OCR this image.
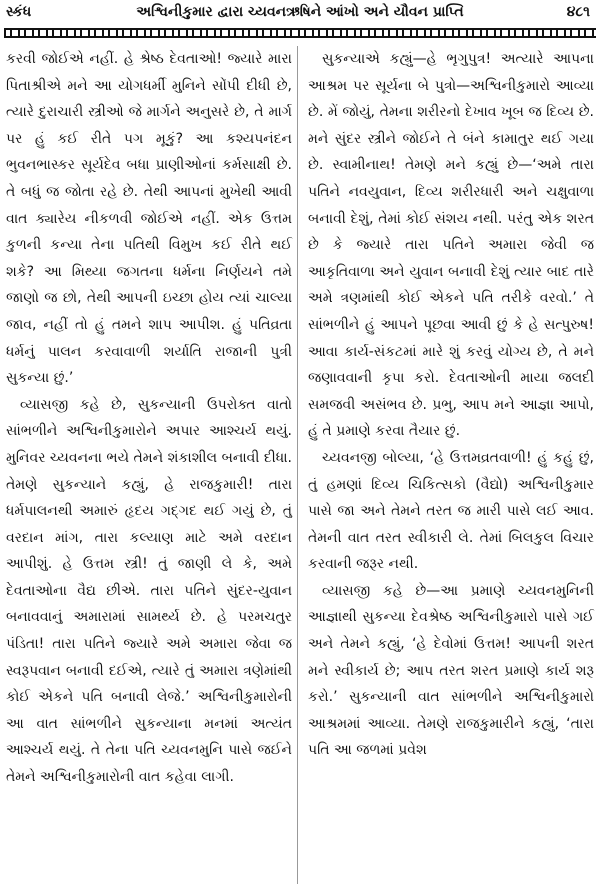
સ્કંધ	અશ્વિનીકુમાર દ્વારા ચ્યવનઋષિને આંખો અને યૌવન પ્રાપ્તિ	૪૮૧

કરવી જોઈએ નહીં. હે શ્રેષ્ઠ દેવતાઓ! જ્યારે મારા પિતાશ્રીએ મને આ યોગધર્મી મુનિને સોંપી દીધી છે, ત્યારે દુરાચારી સ્ત્રીઓ જે માર્ગને અનુસરે છે, તે માર્ગ પર હું કઈ રીતે પગ મૂકું? આ કશ્યપનંદન ભુવનભાસ્કર સૂર્યદેવ બધા પ્રાણીઓનાં કર્મસાક્ષી છે. તે બધું જ જોતા રહે છે. તેથી આપનાં મુખેથી આવી વાત ક્યારેય નીકળવી જોઈએ નહીં. એક ઉત્તમ કુળની કન્યા તેના પતિથી વિમુખ કઈ રીતે થઈ શકે? આ મિથ્યા જગતના ધર્મના નિર્ણયને તમે જાણો જ છો, તેથી આપની ઇચ્છા હોય ત્યાં ચાલ્યા જાવ, નહીં તો હું તમને શાપ આપીશ. હું પતિવ્રતા ધર્મનું પાલન કરવાવાળી શર્યાતિ રાજાની પુત્રી સુકન્યા છું.’

વ્યાસજી કહે છે, સુકન્યાની ઉપરોક્ત વાતો સાંભળીને અશ્વિનીકુમારોને અપાર આશ્ચર્ય થયું. મુનિવર ચ્યવનના ભયે તેમને શંકાશીલ બનાવી દીધા. તેમણે સુકન્યાને કહ્યું, હે રાજકુમારી! તારા ધર્મપાલનથી અમારું હૃદય ગદ્ગદ થઈ ગયું છે, તું વરદાન માંગ, તારા કલ્યાણ માટે અમે વરદાન આપીશું. હે ઉત્તમ સ્ત્રી! તું જાણી લે કે, અમે દેવતાઓના વૈદ્ય છીએ. તારા પતિને સુંદર-યુવાન બનાવવાનું અમારામાં સામર્થ્ય છે. હે પરમચતુર પંડિતા! તારા પતિને જ્યારે અમે અમારા જેવા જ સ્વરૂપવાન બનાવી દઈએ, ત્યારે તું અમારા ત્રણેમાંથી કોઈ એકને પતિ બનાવી લેજે.’ અશ્વિનીકુમારોની આ વાત સાંભળીને સુકન્યાના મનમાં અત્યંત આશ્ચર્ય થયું. તે તેના પતિ ચ્યવનમુનિ પાસે જઈને તેમને અશ્વિનીકુમારોની વાત કહેવા લાગી.

સુકન્યાએ કહ્યું—હે ભૃગુપુત્ર! અત્યારે આપના આશ્રમ પર સૂર્યના બે પુત્રો—અશ્વિનીકુમારો આવ્યા છે. મેં જોયું, તેમના શરીરનો દેખાવ ખૂબ જ દિવ્ય છે. મને સુંદર સ્ત્રીને જોઈને તે બંને કામાતુર થઈ ગયા છે. સ્વામીનાથ! તેમણે મને કહ્યું છે—‘અમે તારા પતિને નવયુવાન, દિવ્ય શરીરધારી અને ચક્ષુવાળા બનાવી દેશું, તેમાં કોઈ સંશય નથી. પરંતુ એક શરત છે કે જ્યારે તારા પતિને અમારા જેવી જ આકૃતિવાળા અને યુવાન બનાવી દેશું ત્યાર બાદ તારે અમે ત્રણમાંથી કોઈ એકને પતિ તરીકે વરવો.’ તે સાંભળીને હું આપને પૂછવા આવી છું કે હે સત્પુરુષ! આવા કાર્ય-સંકટમાં મારે શું કરવું યોગ્ય છે, તે મને જણાવવાની કૃપા કરો. દેવતાઓની માયા જલદી સમજવી અસંભવ છે. પ્રભુ, આપ મને આજ્ઞા આપો, હું તે પ્રમાણે કરવા તૈયાર છું.

ચ્યવનજી બોલ્યા, ‘હે ઉત્તમવ્રતવાળી! હું કહું છું, તું હમણાં દિવ્ય ચિકિત્સકો (વૈદ્યો) અશ્વિનીકુમાર પાસે જા અને તેમને તરત જ મારી પાસે લઈ આવ. તેમની વાત તરત સ્વીકારી લે. તેમાં બિલકુલ વિચાર કરવાની જરૂર નથી.

વ્યાસજી કહે છે—આ પ્રમાણે ચ્યવનમુનિની આજ્ઞાથી સુકન્યા દેવશ્રેષ્ઠ અશ્વિનીકુમારો પાસે ગઈ અને તેમને કહ્યું, ‘હે દેવોમાં ઉત્તમ! આપની શરત મને સ્વીકાર્ય છે; આપ તરત શરત પ્રમાણે કાર્ય શરૂ કરો.’ સુકન્યાની વાત સાંભળીને અશ્વિનીકુમારો આશ્રમમાં આવ્યા. તેમણે રાજકુમારીને કહ્યું, ‘તારા પતિ આ જળમાં પ્રવેશ
